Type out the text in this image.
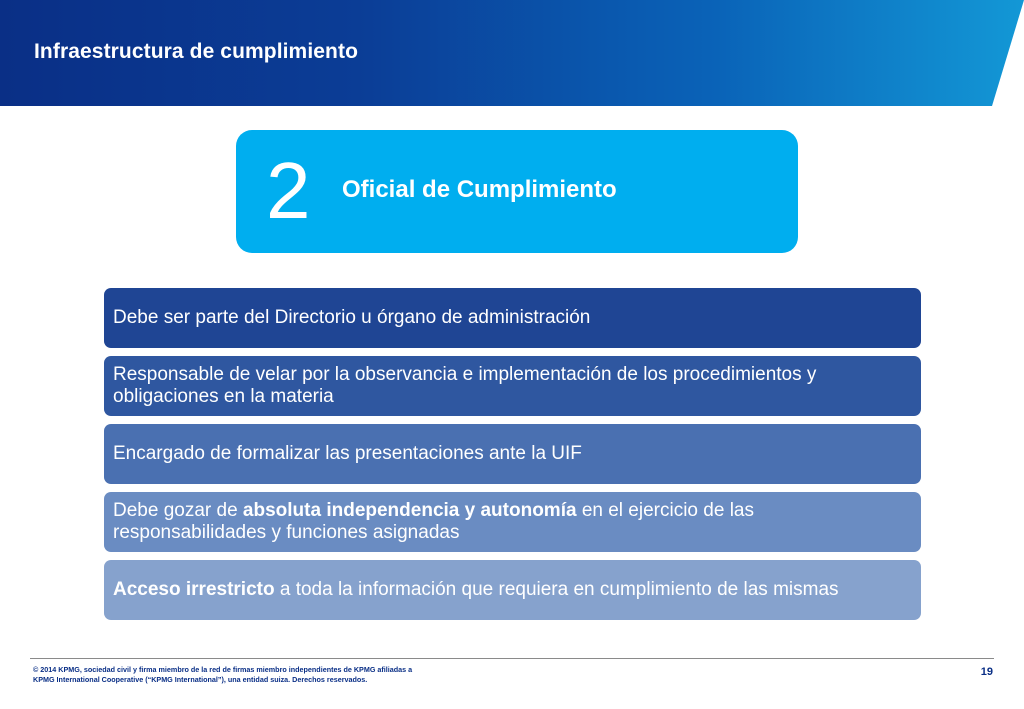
Infraestructura de cumplimiento
2 Oficial de Cumplimiento
Debe ser parte del Directorio u órgano de administración
Responsable de velar por la observancia e implementación de los procedimientos y obligaciones en la materia
Encargado de formalizar las presentaciones ante la UIF
Debe gozar de absoluta independencia y autonomía en el ejercicio de las responsabilidades y funciones asignadas
Acceso irrestricto a toda la información que requiera en cumplimiento de las mismas
© 2014 KPMG, sociedad civil y firma miembro de la red de firmas miembro independientes de KPMG afiliadas a
KPMG International Cooperative (“KPMG International”), una entidad suiza. Derechos reservados.
19
